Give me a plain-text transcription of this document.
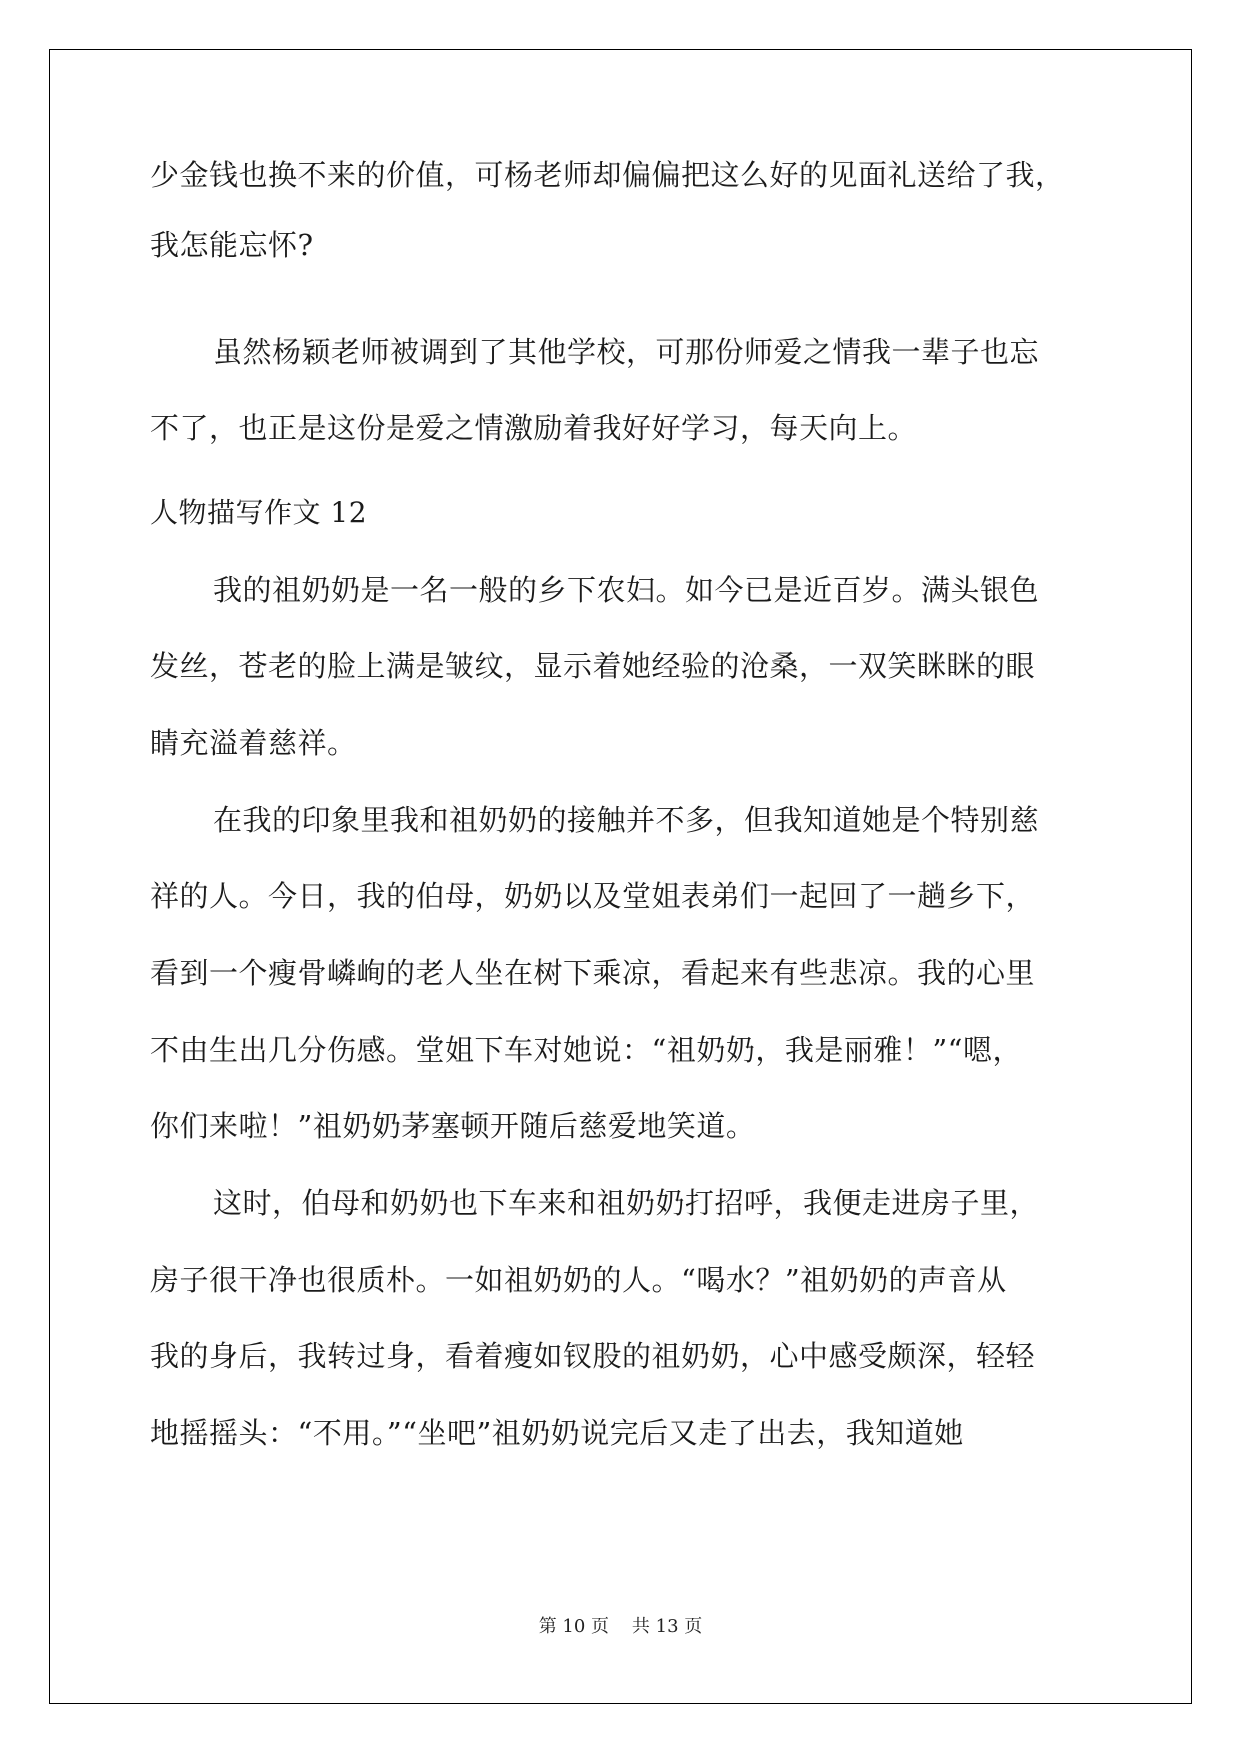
少金钱也换不来的价值，可杨老师却偏偏把这么好的见面礼送给了我，
我怎能忘怀?
虽然杨颖老师被调到了其他学校，可那份师爱之情我一辈子也忘
不了，也正是这份是爱之情激励着我好好学习，每天向上。
人物描写作文 12
我的祖奶奶是一名一般的乡下农妇。如今已是近百岁。满头银色
发丝，苍老的脸上满是皱纹，显示着她经验的沧桑，一双笑眯眯的眼
睛充溢着慈祥。
在我的印象里我和祖奶奶的接触并不多，但我知道她是个特别慈
祥的人。今日，我的伯母，奶奶以及堂姐表弟们一起回了一趟乡下，
看到一个瘦骨嶙峋的老人坐在树下乘凉，看起来有些悲凉。我的心里
不由生出几分伤感。堂姐下车对她说：“祖奶奶，我是丽雅！”“嗯，
你们来啦！”祖奶奶茅塞顿开随后慈爱地笑道。
这时，伯母和奶奶也下车来和祖奶奶打招呼，我便走进房子里，
房子很干净也很质朴。一如祖奶奶的人。“喝水？”祖奶奶的声音从
我的身后，我转过身，看着瘦如钗股的祖奶奶，心中感受颇深，轻轻
地摇摇头：“不用。”“坐吧”祖奶奶说完后又走了出去，我知道她
第 10 页    共 13 页
